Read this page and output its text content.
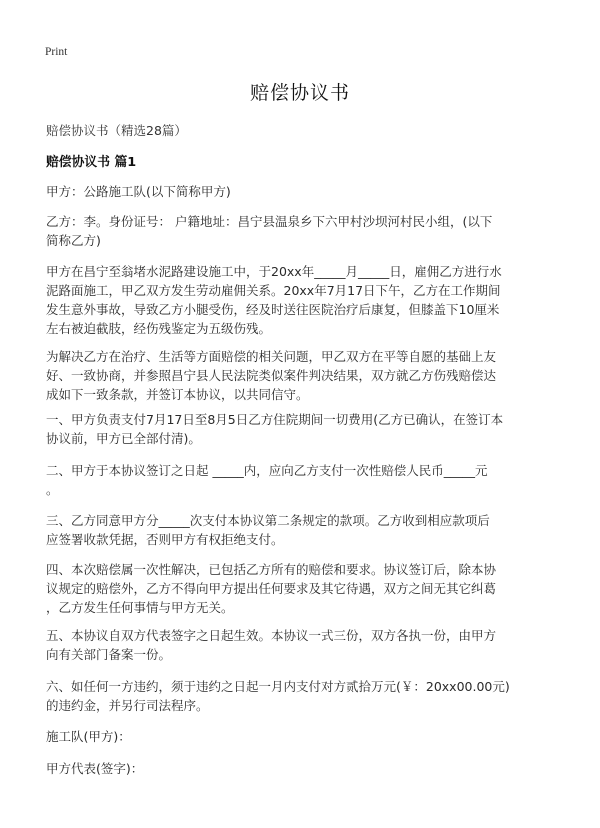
Print
赔偿协议书
赔偿协议书（精选28篇）
赔偿协议书 篇1
甲方：公路施工队(以下简称甲方)
乙方：李。身份证号： 户籍地址：昌宁县温泉乡下六甲村沙坝河村民小组，(以下
简称乙方)
甲方在昌宁至翁堵水泥路建设施工中，于20xx年_____月_____日，雇佣乙方进行水
泥路面施工，甲乙双方发生劳动雇佣关系。20xx年7月17日下午，乙方在工作期间
发生意外事故，导致乙方小腿受伤，经及时送往医院治疗后康复，但膝盖下10厘米
左右被迫截肢，经伤残鉴定为五级伤残。
为解决乙方在治疗、生活等方面赔偿的相关问题，甲乙双方在平等自愿的基础上友
好、一致协商，并参照昌宁县人民法院类似案件判决结果，双方就乙方伤残赔偿达
成如下一致条款，并签订本协议，以共同信守。
一、甲方负责支付7月17日至8月5日乙方住院期间一切费用(乙方已确认，在签订本
协议前，甲方已全部付清)。
二、甲方于本协议签订之日起 _____内，应向乙方支付一次性赔偿人民币_____元
。
三、乙方同意甲方分_____次支付本协议第二条规定的款项。乙方收到相应款项后
应签署收款凭据，否则甲方有权拒绝支付。
四、本次赔偿属一次性解决，已包括乙方所有的赔偿和要求。协议签订后，除本协
议规定的赔偿外，乙方不得向甲方提出任何要求及其它待遇，双方之间无其它纠葛
，乙方发生任何事情与甲方无关。
五、本协议自双方代表签字之日起生效。本协议一式三份，双方各执一份，由甲方
向有关部门备案一份。
六、如任何一方违约，须于违约之日起一月内支付对方贰拾万元(￥：20xx00.00元)
的违约金，并另行司法程序。
施工队(甲方)：
甲方代表(签字)：
